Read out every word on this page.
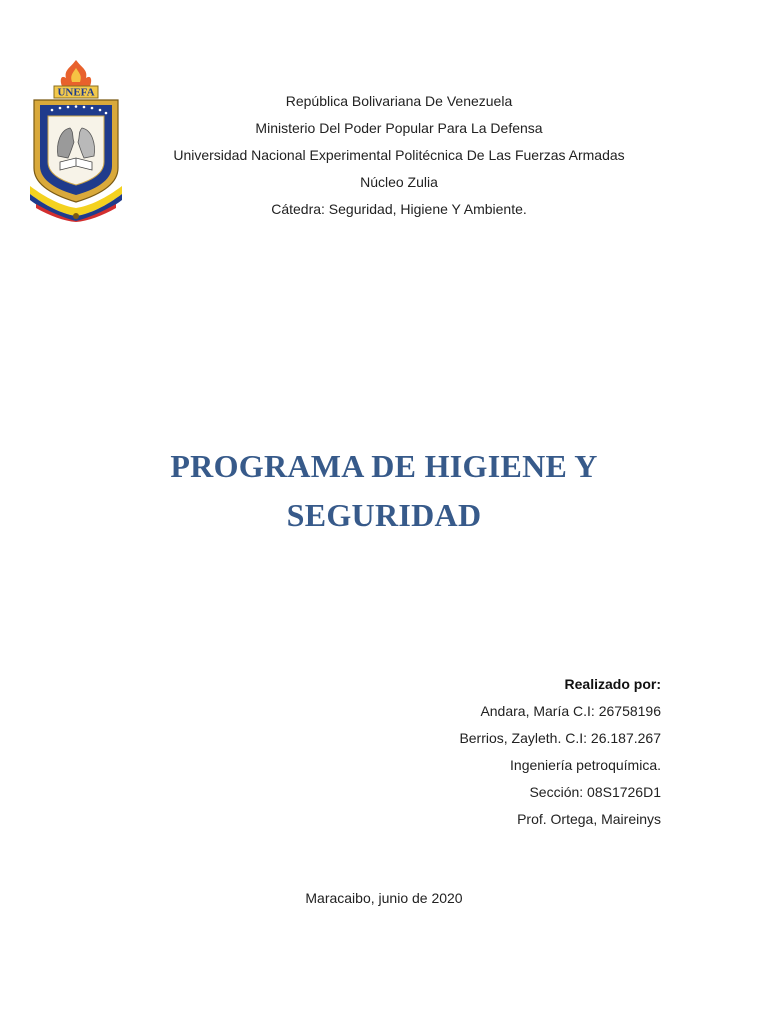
UNEFA
República Bolivariana De Venezuela
Ministerio Del Poder Popular Para La Defensa
Universidad Nacional Experimental Politécnica De Las Fuerzas Armadas
Núcleo Zulia
Cátedra: Seguridad, Higiene Y Ambiente.
PROGRAMA DE HIGIENE Y
SEGURIDAD
Realizado por:
Andara, María C.I: 26758196
Berrios, Zayleth. C.I: 26.187.267
Ingeniería petroquímica.
Sección: 08S1726D1
Prof. Ortega, Maireinys
Maracaibo, junio de 2020
